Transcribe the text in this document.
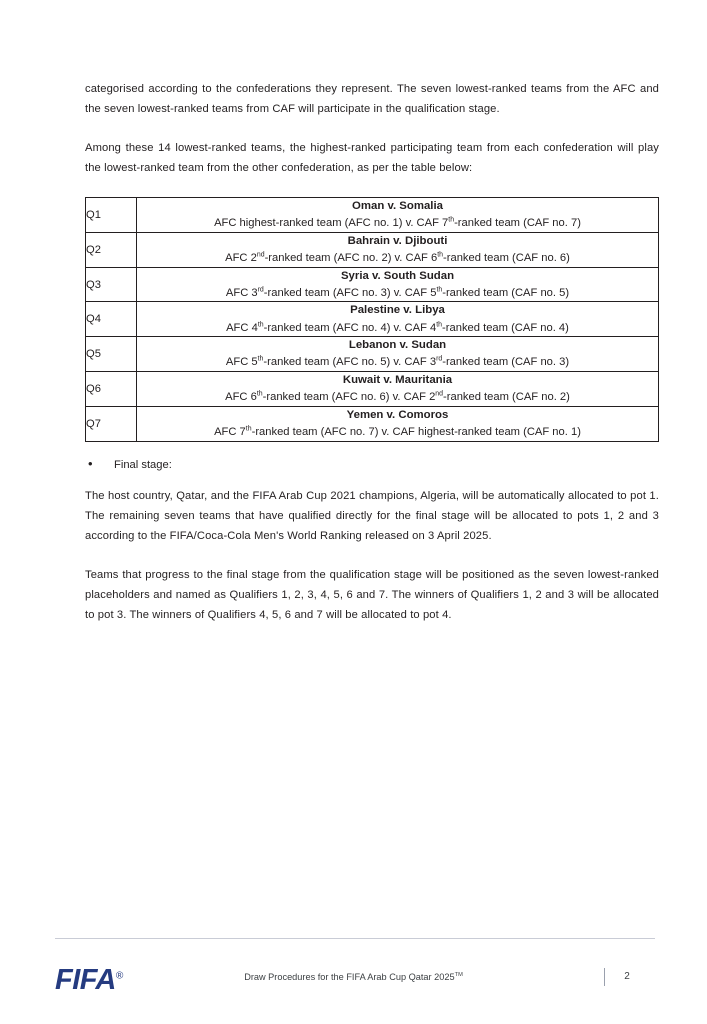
categorised according to the confederations they represent. The seven lowest-ranked teams from the AFC and the seven lowest-ranked teams from CAF will participate in the qualification stage.

Among these 14 lowest-ranked teams, the highest-ranked participating team from each confederation will play the lowest-ranked team from the other confederation, as per the table below:

Q1	Oman v. Somalia
AFC highest-ranked team (AFC no. 1) v. CAF 7th-ranked team (CAF no. 7)

Q2	Bahrain v. Djibouti
AFC 2nd-ranked team (AFC no. 2) v. CAF 6th-ranked team (CAF no. 6)

Q3	Syria v. South Sudan
AFC 3rd-ranked team (AFC no. 3) v. CAF 5th-ranked team (CAF no. 5)

Q4	Palestine v. Libya
AFC 4th-ranked team (AFC no. 4) v. CAF 4th-ranked team (CAF no. 4)

Q5	Lebanon v. Sudan
AFC 5th-ranked team (AFC no. 5) v. CAF 3rd-ranked team (CAF no. 3)

Q6	Kuwait v. Mauritania
AFC 6th-ranked team (AFC no. 6) v. CAF 2nd-ranked team (CAF no. 2)

Q7	Yemen v. Comoros
AFC 7th-ranked team (AFC no. 7) v. CAF highest-ranked team (CAF no. 1)
•	Final stage:

The host country, Qatar, and the FIFA Arab Cup 2021 champions, Algeria, will be automatically allocated to pot 1. The remaining seven teams that have qualified directly for the final stage will be allocated to pots 1, 2 and 3 according to the FIFA/Coca-Cola Men's World Ranking released on 3 April 2025.

Teams that progress to the final stage from the qualification stage will be positioned as the seven lowest-ranked placeholders and named as Qualifiers 1, 2, 3, 4, 5, 6 and 7. The winners of Qualifiers 1, 2 and 3 will be allocated to pot 3. The winners of Qualifiers 4, 5, 6 and 7 will be allocated to pot 4.

FIFA®	Draw Procedures for the FIFA Arab Cup Qatar 2025™	2
